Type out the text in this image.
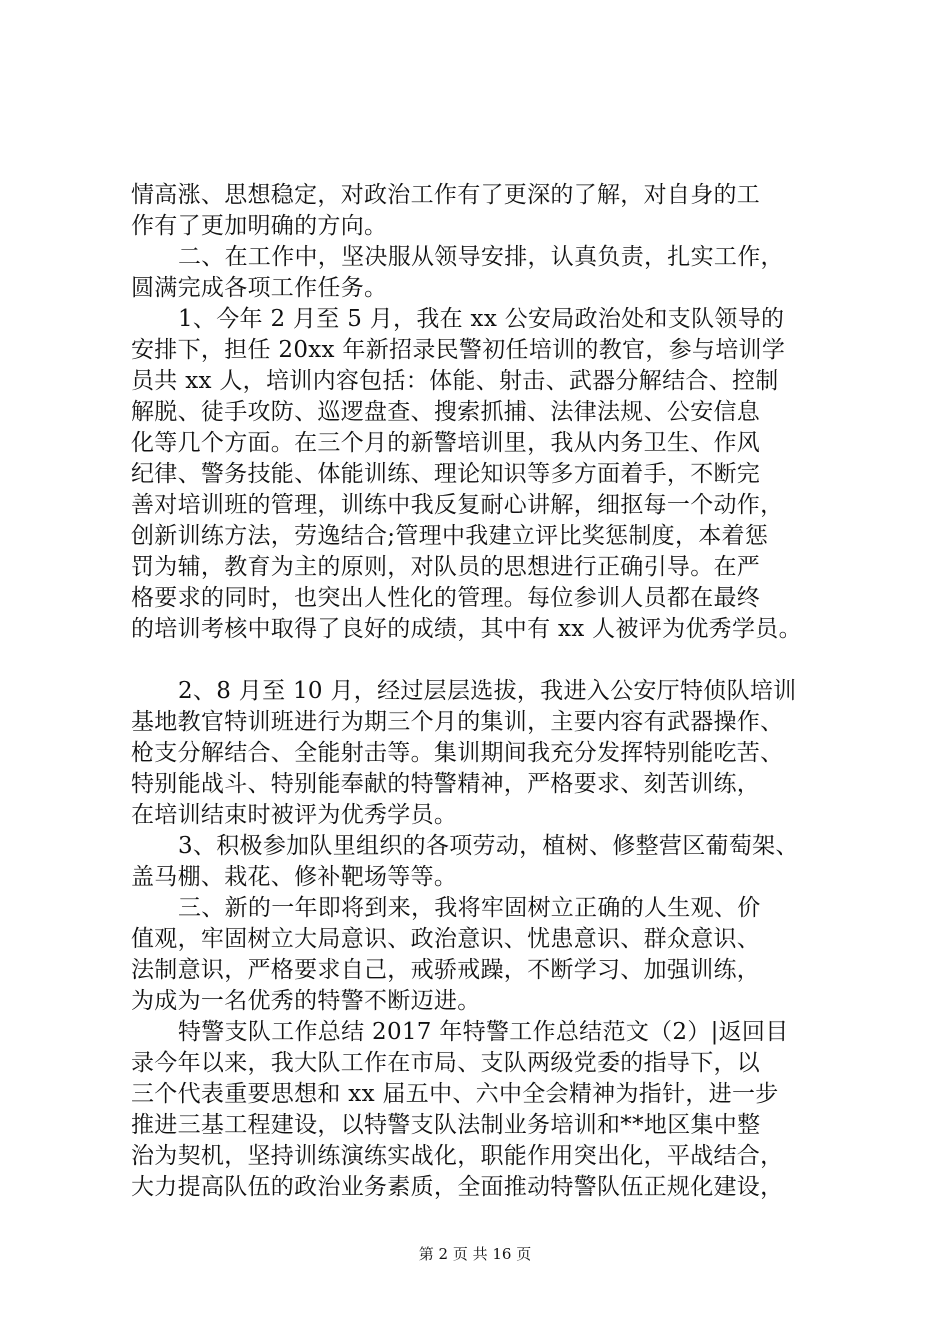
情高涨、思想稳定，对政治工作有了更深的了解，对自身的工
作有了更加明确的方向。
二、在工作中，坚决服从领导安排，认真负责，扎实工作，
圆满完成各项工作任务。
1、今年 2 月至 5 月，我在 xx 公安局政治处和支队领导的
安排下，担任 20xx 年新招录民警初任培训的教官，参与培训学
员共 xx 人，培训内容包括：体能、射击、武器分解结合、控制
解脱、徒手攻防、巡逻盘查、搜索抓捕、法律法规、公安信息
化等几个方面。在三个月的新警培训里，我从内务卫生、作风
纪律、警务技能、体能训练、理论知识等多方面着手，不断完
善对培训班的管理，训练中我反复耐心讲解，细抠每一个动作，
创新训练方法，劳逸结合;管理中我建立评比奖惩制度，本着惩
罚为辅，教育为主的原则，对队员的思想进行正确引导。在严
格要求的同时，也突出人性化的管理。每位参训人员都在最终
的培训考核中取得了良好的成绩，其中有 xx 人被评为优秀学员。
2、8 月至 10 月，经过层层选拔，我进入公安厅特侦队培训
基地教官特训班进行为期三个月的集训，主要内容有武器操作、
枪支分解结合、全能射击等。集训期间我充分发挥特别能吃苦、
特别能战斗、特别能奉献的特警精神，严格要求、刻苦训练，
在培训结束时被评为优秀学员。
3、积极参加队里组织的各项劳动，植树、修整营区葡萄架、
盖马棚、栽花、修补靶场等等。
三、新的一年即将到来，我将牢固树立正确的人生观、价
值观，牢固树立大局意识、政治意识、忧患意识、群众意识、
法制意识，严格要求自己，戒骄戒躁，不断学习、加强训练，
为成为一名优秀的特警不断迈进。
特警支队工作总结 2017 年特警工作总结范文（2）|返回目
录今年以来，我大队工作在市局、支队两级党委的指导下，以
三个代表重要思想和 xx 届五中、六中全会精神为指针，进一步
推进三基工程建设，以特警支队法制业务培训和**地区集中整
治为契机，坚持训练演练实战化，职能作用突出化，平战结合，
大力提高队伍的政治业务素质，全面推动特警队伍正规化建设，
第 2 页 共 16 页
